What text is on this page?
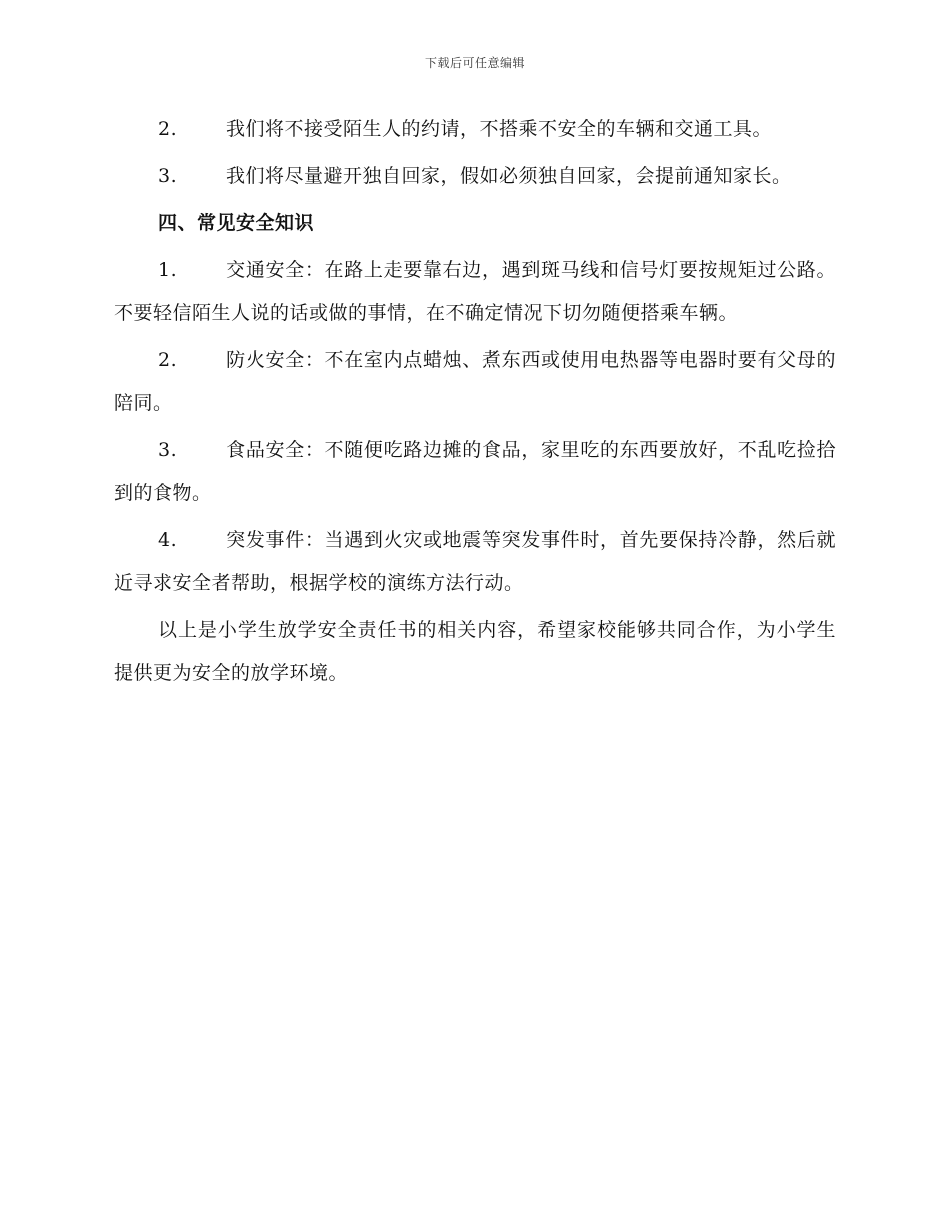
下载后可任意编辑

2.	我们将不接受陌生人的约请，不搭乘不安全的车辆和交通工具。

3.	我们将尽量避开独自回家，假如必须独自回家，会提前通知家长。

四、常见安全知识

1.	交通安全：在路上走要靠右边，遇到斑马线和信号灯要按规矩过公路。不要轻信陌生人说的话或做的事情，在不确定情况下切勿随便搭乘车辆。

2.	防火安全：不在室内点蜡烛、煮东西或使用电热器等电器时要有父母的陪同。

3.	食品安全：不随便吃路边摊的食品，家里吃的东西要放好，不乱吃捡拾到的食物。

4.	突发事件：当遇到火灾或地震等突发事件时，首先要保持冷静，然后就近寻求安全者帮助，根据学校的演练方法行动。

以上是小学生放学安全责任书的相关内容，希望家校能够共同合作，为小学生提供更为安全的放学环境。
